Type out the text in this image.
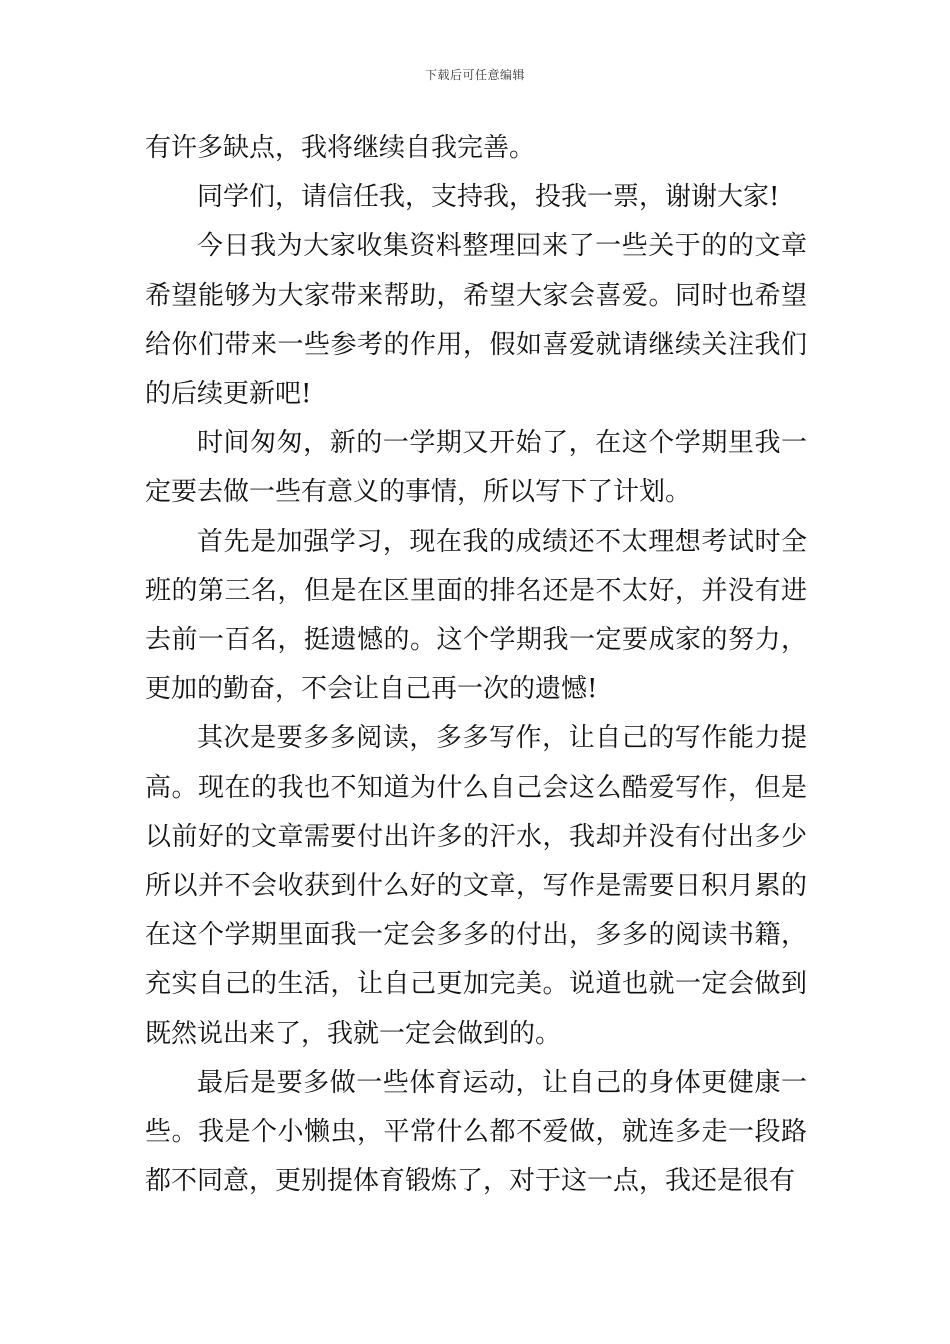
下载后可任意编辑

有许多缺点，我将继续自我完善。

同学们，请信任我，支持我，投我一票，谢谢大家!

今日我为大家收集资料整理回来了一些关于的的文章希望能够为大家带来帮助，希望大家会喜爱。同时也希望给你们带来一些参考的作用，假如喜爱就请继续关注我们的后续更新吧!

时间匆匆，新的一学期又开始了，在这个学期里我一定要去做一些有意义的事情，所以写下了计划。

首先是加强学习，现在我的成绩还不太理想考试时全班的第三名，但是在区里面的排名还是不太好，并没有进去前一百名，挺遗憾的。这个学期我一定要成家的努力，更加的勤奋，不会让自己再一次的遗憾!

其次是要多多阅读，多多写作，让自己的写作能力提高。现在的我也不知道为什么自己会这么酷爱写作，但是以前好的文章需要付出许多的汗水，我却并没有付出多少所以并不会收获到什么好的文章，写作是需要日积月累的在这个学期里面我一定会多多的付出，多多的阅读书籍，充实自己的生活，让自己更加完美。说道也就一定会做到既然说出来了，我就一定会做到的。

最后是要多做一些体育运动，让自己的身体更健康一些。我是个小懒虫，平常什么都不爱做，就连多走一段路都不同意，更别提体育锻炼了，对于这一点，我还是很有
